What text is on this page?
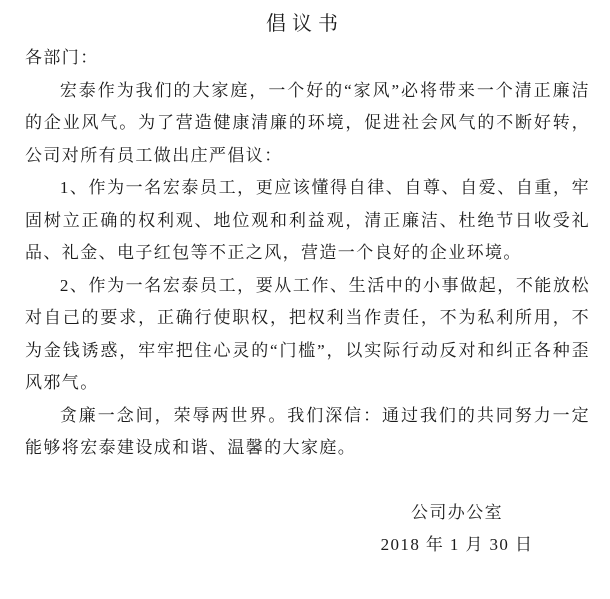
倡议书

各部门：

宏泰作为我们的大家庭，一个好的“家风”必将带来一个清正廉洁的企业风气。为了营造健康清廉的环境，促进社会风气的不断好转，公司对所有员工做出庄严倡议：

1、作为一名宏泰员工，更应该懂得自律、自尊、自爱、自重，牢固树立正确的权利观、地位观和利益观，清正廉洁、杜绝节日收受礼品、礼金、电子红包等不正之风，营造一个良好的企业环境。

2、作为一名宏泰员工，要从工作、生活中的小事做起，不能放松对自己的要求，正确行使职权，把权利当作责任，不为私利所用，不为金钱诱惑，牢牢把住心灵的“门槛”，以实际行动反对和纠正各种歪风邪气。

贪廉一念间，荣辱两世界。我们深信：通过我们的共同努力一定能够将宏泰建设成和谐、温馨的大家庭。

公司办公室
2018 年 1 月 30 日
